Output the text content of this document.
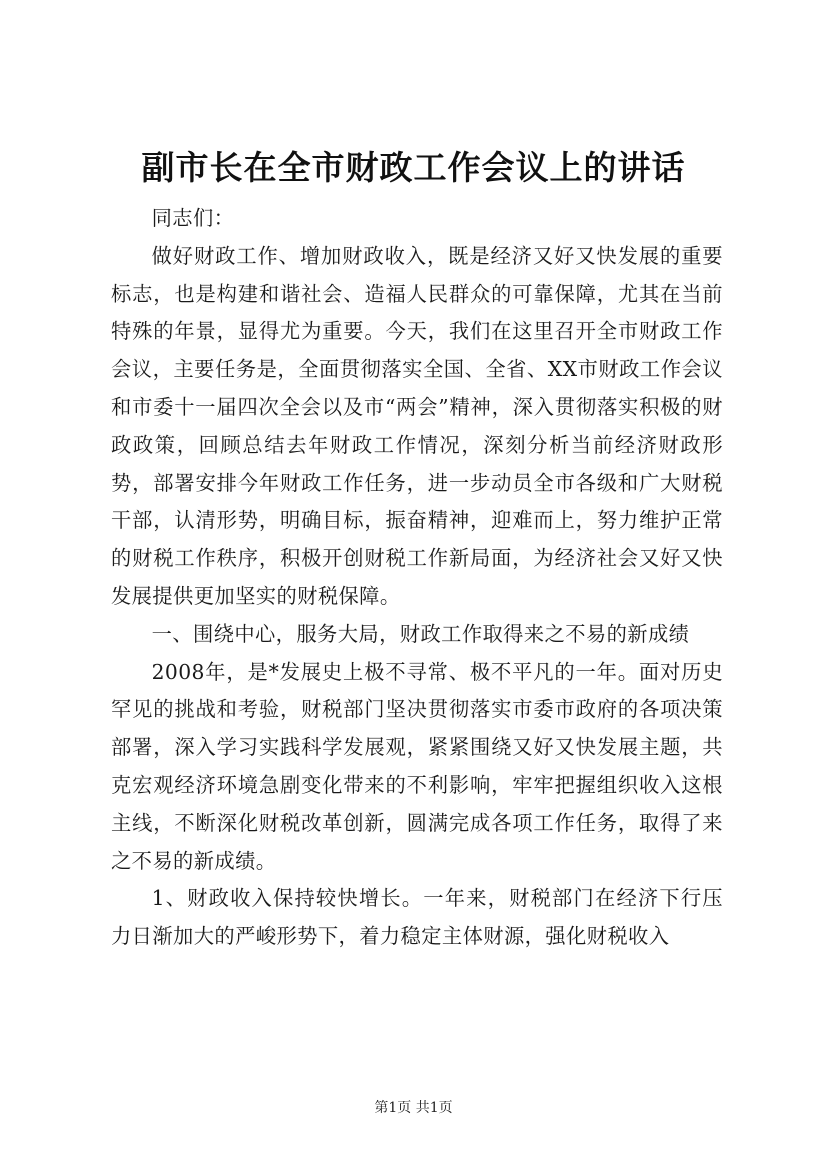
副市长在全市财政工作会议上的讲话

同志们：

做好财政工作、增加财政收入，既是经济又好又快发展的重要标志，也是构建和谐社会、造福人民群众的可靠保障，尤其在当前特殊的年景，显得尤为重要。今天，我们在这里召开全市财政工作会议，主要任务是，全面贯彻落实全国、全省、XX市财政工作会议和市委十一届四次全会以及市“两会”精神，深入贯彻落实积极的财政政策，回顾总结去年财政工作情况，深刻分析当前经济财政形势，部署安排今年财政工作任务，进一步动员全市各级和广大财税干部，认清形势，明确目标，振奋精神，迎难而上，努力维护正常的财税工作秩序，积极开创财税工作新局面，为经济社会又好又快发展提供更加坚实的财税保障。

一、围绕中心，服务大局，财政工作取得来之不易的新成绩

2008年，是*发展史上极不寻常、极不平凡的一年。面对历史罕见的挑战和考验，财税部门坚决贯彻落实市委市政府的各项决策部署，深入学习实践科学发展观，紧紧围绕又好又快发展主题，共克宏观经济环境急剧变化带来的不利影响，牢牢把握组织收入这根主线，不断深化财税改革创新，圆满完成各项工作任务，取得了来之不易的新成绩。

1、财政收入保持较快增长。一年来，财税部门在经济下行压力日渐加大的严峻形势下，着力稳定主体财源，强化财税收入

第1页 共1页
